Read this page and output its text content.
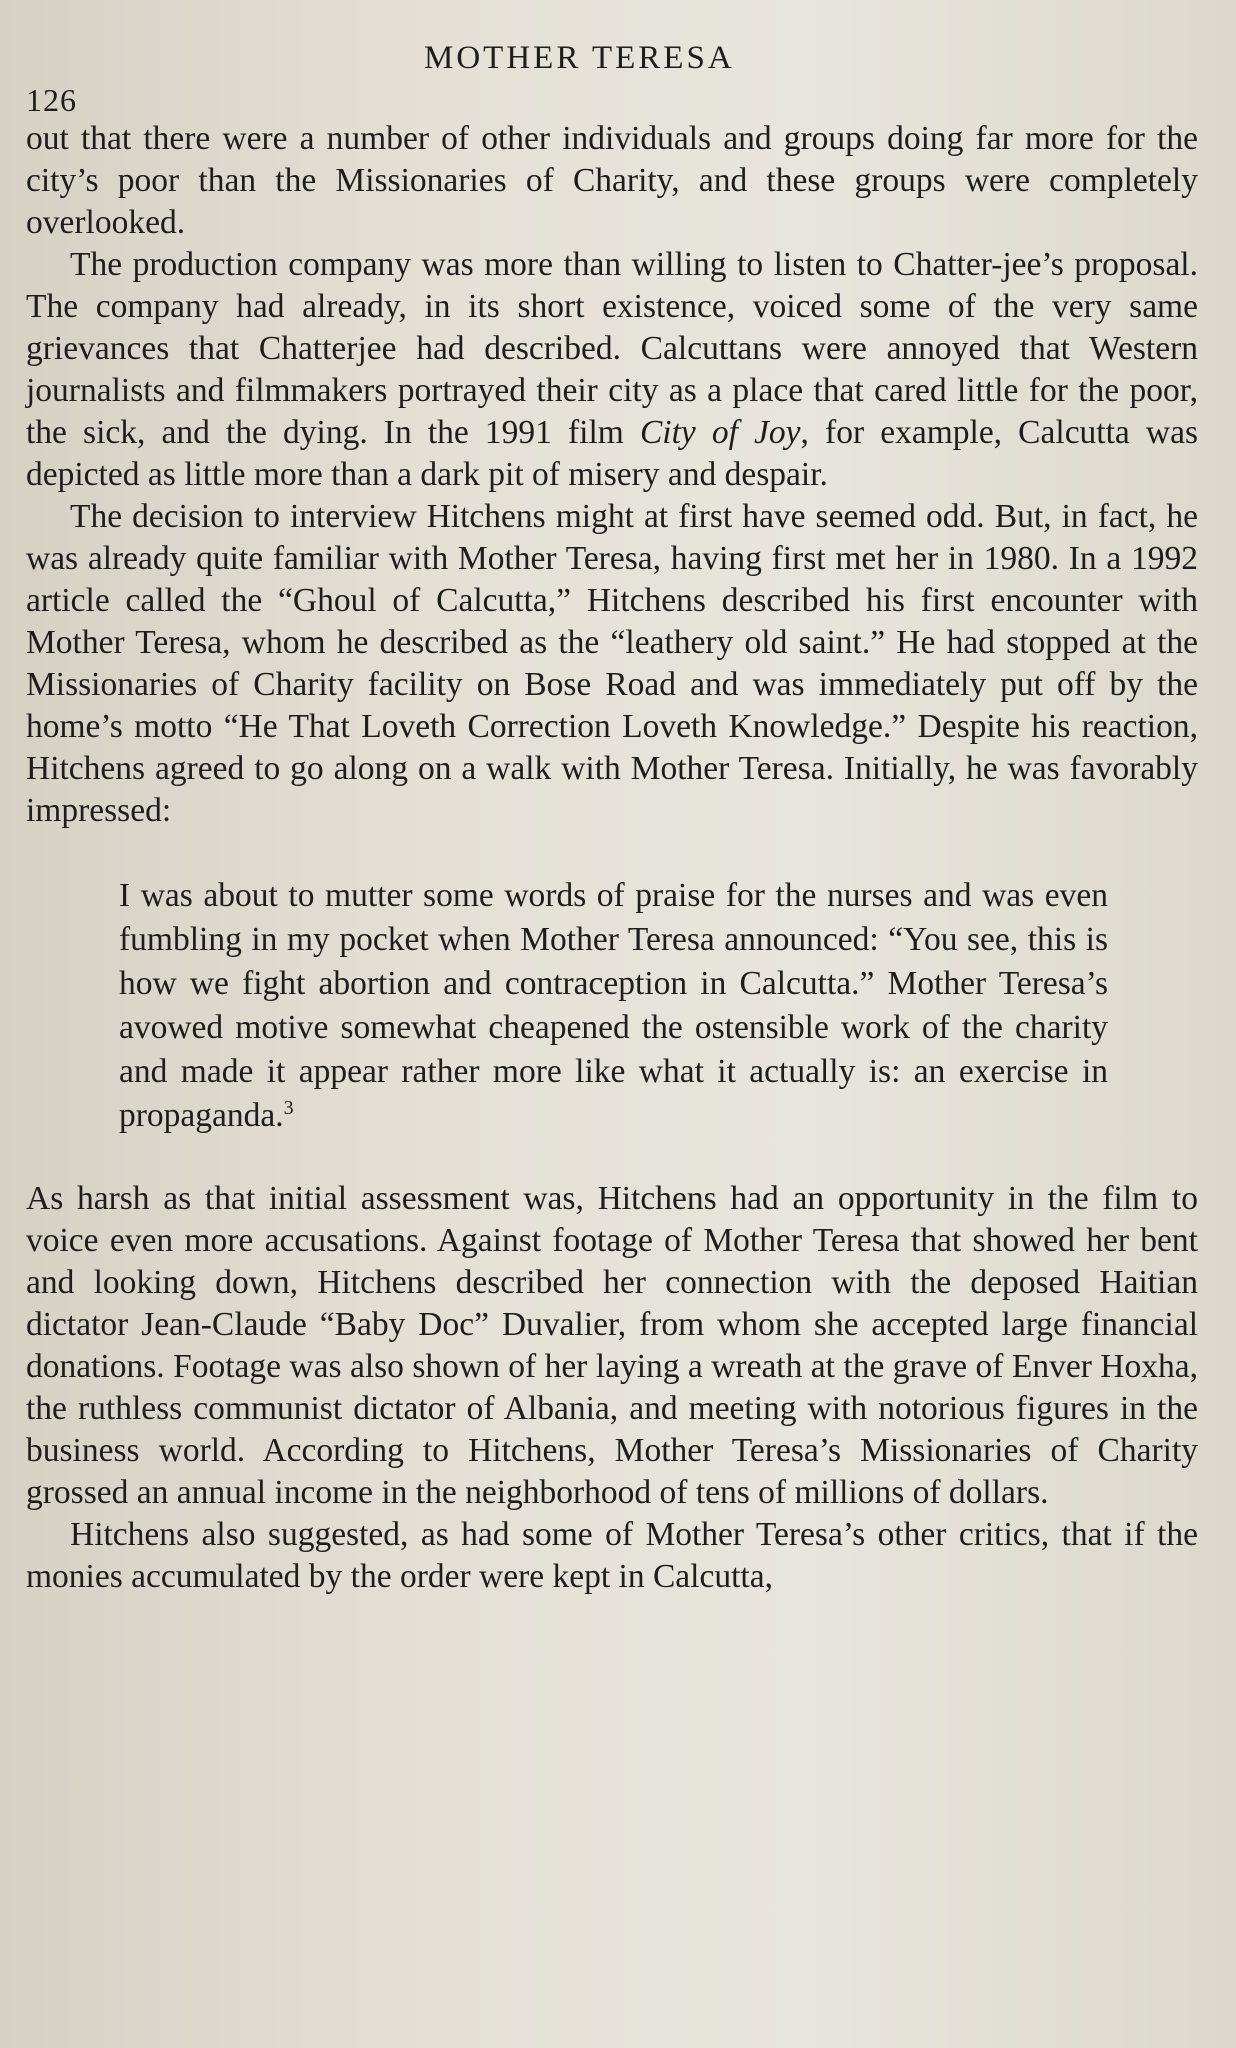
126
MOTHER TERESA

out that there were a number of other individuals and groups doing far more for the city’s poor than the Missionaries of Charity, and these groups were completely overlooked.

The production company was more than willing to listen to Chatter-jee’s proposal. The company had already, in its short existence, voiced some of the very same grievances that Chatterjee had described. Calcuttans were annoyed that Western journalists and filmmakers portrayed their city as a place that cared little for the poor, the sick, and the dying. In the 1991 film City of Joy, for example, Calcutta was depicted as little more than a dark pit of misery and despair.

The decision to interview Hitchens might at first have seemed odd. But, in fact, he was already quite familiar with Mother Teresa, having first met her in 1980. In a 1992 article called the “Ghoul of Calcutta,” Hitchens described his first encounter with Mother Teresa, whom he described as the “leathery old saint.” He had stopped at the Missionaries of Charity facility on Bose Road and was immediately put off by the home’s motto “He That Loveth Correction Loveth Knowledge.” Despite his reaction, Hitchens agreed to go along on a walk with Mother Teresa. Initially, he was favorably impressed:

I was about to mutter some words of praise for the nurses and was even fumbling in my pocket when Mother Teresa announced: “You see, this is how we fight abortion and contraception in Calcutta.” Mother Teresa’s avowed motive somewhat cheapened the ostensible work of the charity and made it appear rather more like what it actually is: an exercise in propaganda.$^3$

As harsh as that initial assessment was, Hitchens had an opportunity in the film to voice even more accusations. Against footage of Mother Teresa that showed her bent and looking down, Hitchens described her connection with the deposed Haitian dictator Jean-Claude “Baby Doc” Duvalier, from whom she accepted large financial donations. Footage was also shown of her laying a wreath at the grave of Enver Hoxha, the ruthless communist dictator of Albania, and meeting with notorious figures in the business world. According to Hitchens, Mother Teresa’s Missionaries of Charity grossed an annual income in the neighborhood of tens of millions of dollars.

Hitchens also suggested, as had some of Mother Teresa’s other critics, that if the monies accumulated by the order were kept in Calcutta,
